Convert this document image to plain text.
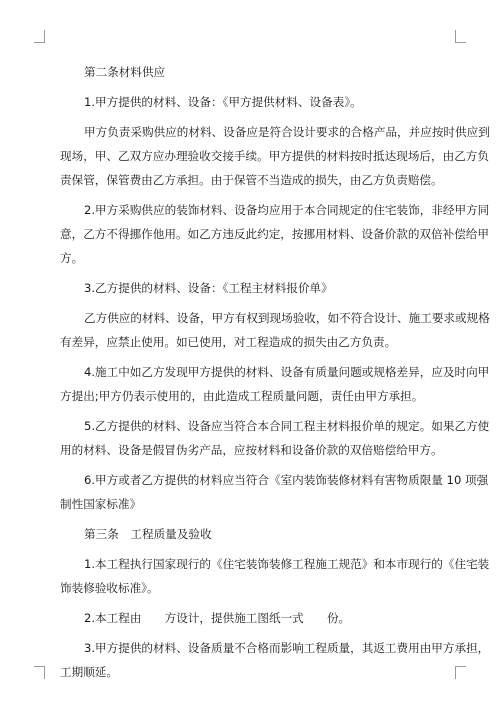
第二条材料供应

1.甲方提供的材料、设备：《甲方提供材料、设备表》。

甲方负责采购供应的材料、设备应是符合设计要求的合格产品，并应按时供应到

现场，甲、乙双方应办理验收交接手续。甲方提供的材料按时抵达现场后，由乙方负

责保管，保管费由乙方承担。由于保管不当造成的损失，由乙方负责赔偿。

2.甲方采购供应的装饰材料、设备均应用于本合同规定的住宅装饰，非经甲方同

意，乙方不得挪作他用。如乙方违反此约定，按挪用材料、设备价款的双倍补偿给甲

方。

3.乙方提供的材料、设备：《工程主材料报价单》

乙方供应的材料、设备，甲方有权到现场验收，如不符合设计、施工要求或规格

有差异，应禁止使用。如已使用，对工程造成的损失由乙方负责。

4.施工中如乙方发现甲方提供的材料、设备有质量问题或规格差异，应及时向甲

方提出;甲方仍表示使用的，由此造成工程质量问题，责任由甲方承担。

5.乙方提供的材料、设备应当符合本合同工程主材料报价单的规定。如果乙方使

用的材料、设备是假冒伪劣产品，应按材料和设备价款的双倍赔偿给甲方。

6.甲方或者乙方提供的材料应当符合《室内装饰装修材料有害物质限量 10 项强

制性国家标准》

第三条　工程质量及验收

1.本工程执行国家现行的《住宅装饰装修工程施工规范》和本市现行的《住宅装

饰装修验收标准》。

2.本工程由　　方设计，提供施工图纸一式　　份。

3.甲方提供的材料、设备质量不合格而影响工程质量，其返工费用由甲方承担，

工期顺延。
